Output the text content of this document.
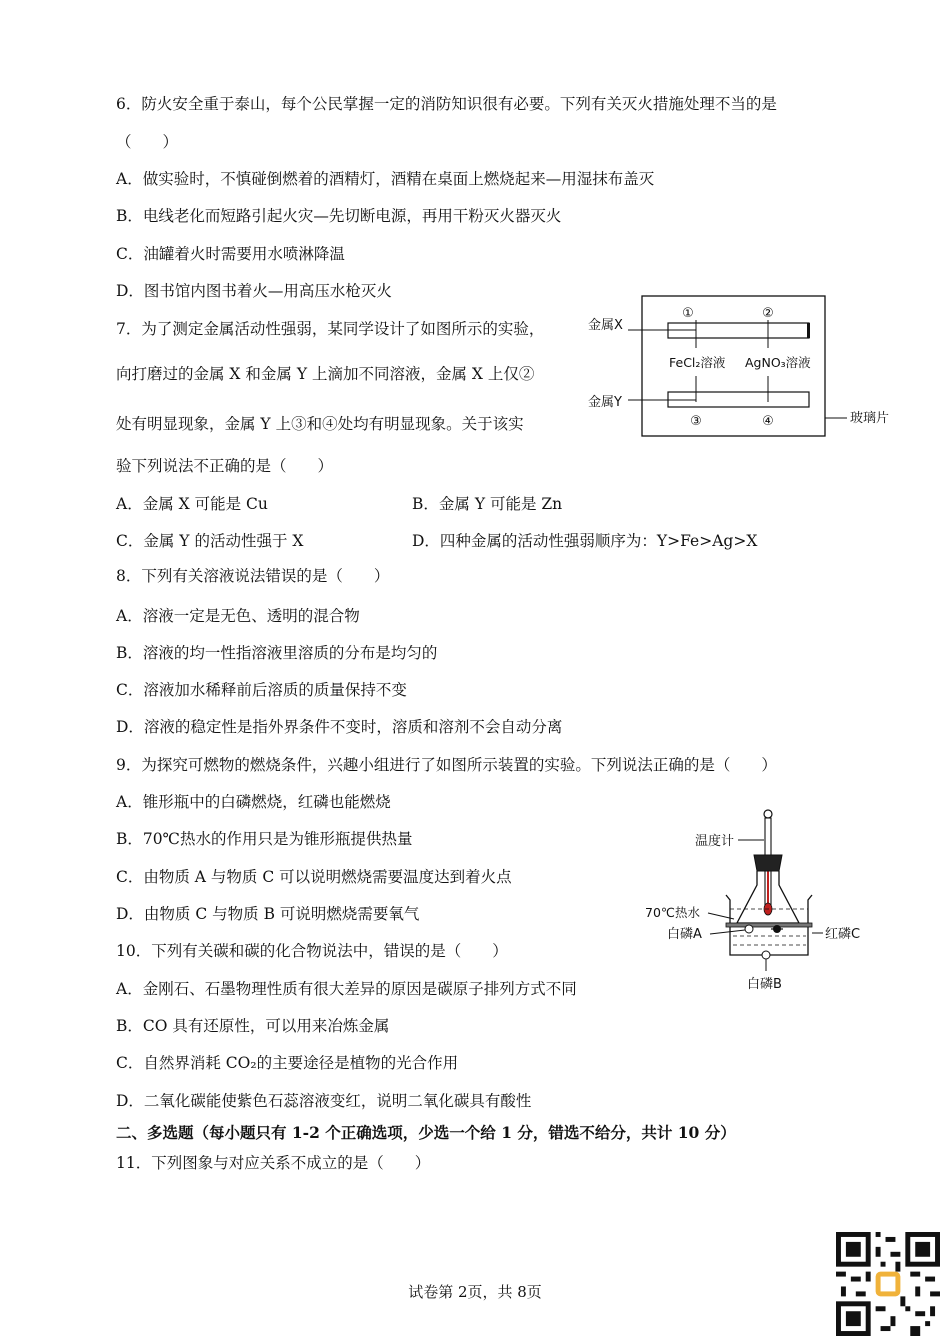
6．防火安全重于泰山，每个公民掌握一定的消防知识很有必要。下列有关灭火措施处理不当的是
（　　）
A．做实验时，不慎碰倒燃着的酒精灯，酒精在桌面上燃烧起来—用湿抹布盖灭
B．电线老化而短路引起火灾—先切断电源，再用干粉灭火器灭火
C．油罐着火时需要用水喷淋降温
D．图书馆内图书着火—用高压水枪灭火
7．为了测定金属活动性强弱，某同学设计了如图所示的实验，
向打磨过的金属 X 和金属 Y 上滴加不同溶液，金属 X 上仅②
处有明显现象，金属 Y 上③和④处均有明显现象。关于该实
验下列说法不正确的是（　　）
A．金属 X 可能是 Cu	B．金属 Y 可能是 Zn
C．金属 Y 的活动性强于 X	D．四种金属的活动性强弱顺序为：Y>Fe>Ag>X
①	②
金属X
FeCl₂溶液 AgNO₃溶液
金属Y
③	④	玻璃片
8．下列有关溶液说法错误的是（　　）
A．溶液一定是无色、透明的混合物
B．溶液的均一性指溶液里溶质的分布是均匀的
C．溶液加水稀释前后溶质的质量保持不变
D．溶液的稳定性是指外界条件不变时，溶质和溶剂不会自动分离
9．为探究可燃物的燃烧条件，兴趣小组进行了如图所示装置的实验。下列说法正确的是（　　）
A．锥形瓶中的白磷燃烧，红磷也能燃烧
B．70℃热水的作用只是为锥形瓶提供热量
C．由物质 A 与物质 C 可以说明燃烧需要温度达到着火点
D．由物质 C 与物质 B 可说明燃烧需要氧气
温度计
70℃热水
白磷A	红磷C
白磷B
10．下列有关碳和碳的化合物说法中，错误的是（　　）
A．金刚石、石墨物理性质有很大差异的原因是碳原子排列方式不同
B．CO 具有还原性，可以用来冶炼金属
C．自然界消耗 CO₂的主要途径是植物的光合作用
D．二氧化碳能使紫色石蕊溶液变红，说明二氧化碳具有酸性
二、多选题（每小题只有 1-2 个正确选项，少选一个给 1 分，错选不给分，共计 10 分）
11．下列图象与对应关系不成立的是（　　）
试卷第 2页，共 8页
